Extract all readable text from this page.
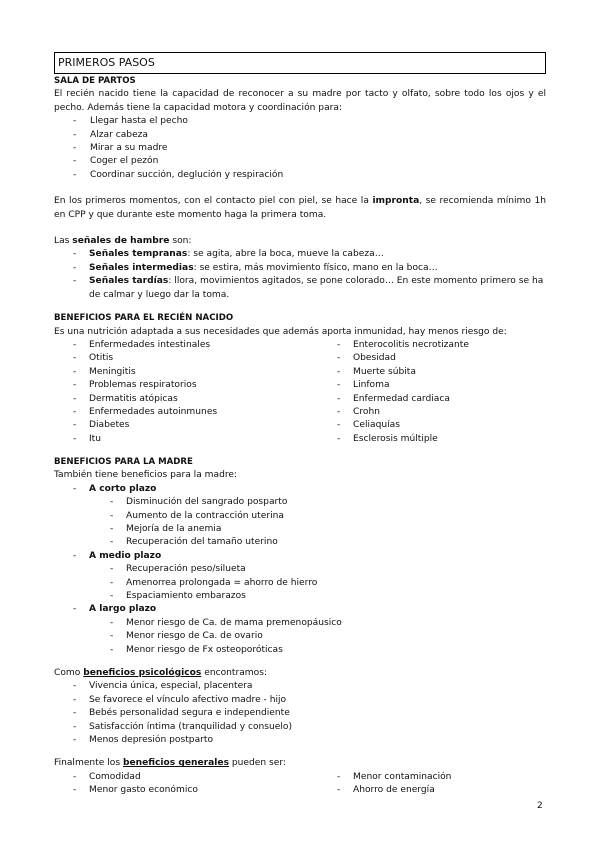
PRIMEROS PASOS
SALA DE PARTOS

El recién nacido tiene la capacidad de reconocer a su madre por tacto y olfato, sobre todo los ojos y el pecho. Además tiene la capacidad motora y coordinación para:

- Llegar hasta el pecho
- Alzar cabeza
- Mirar a su madre
- Coger el pezón
- Coordinar succión, deglución y respiración

En los primeros momentos, con el contacto piel con piel, se hace la impronta, se recomienda mínimo 1h en CPP y que durante este momento haga la primera toma.

Las señales de hambre son:

- Señales tempranas: se agita, abre la boca, mueve la cabeza…
- Señales intermedias: se estira, más movimiento físico, mano en la boca…
- Señales tardías: llora, movimientos agitados, se pone colorado… En este momento primero se ha de calmar y luego dar la toma.
BENEFICIOS PARA EL RECIÉN NACIDO

Es una nutrición adaptada a sus necesidades que además aporta inmunidad, hay menos riesgo de:

- Enfermedades intestinales
- Otitis
- Meningitis
- Problemas respiratorios
- Dermatitis atópicas
- Enfermedades autoinmunes
- Diabetes
- Itu
- Enterocolitis necrotizante
- Obesidad
- Muerte súbita
- Linfoma
- Enfermedad cardiaca
- Crohn
- Celiaquías
- Esclerosis múltiple
BENEFICIOS PARA LA MADRE

También tiene beneficios para la madre:

- A corto plazo
- Disminución del sangrado posparto
- Aumento de la contracción uterina
- Mejoría de la anemia
- Recuperación del tamaño uterino
- A medio plazo
- Recuperación peso/silueta
- Amenorrea prolongada = ahorro de hierro
- Espaciamiento embarazos
- A largo plazo
- Menor riesgo de Ca. de mama premenopáusico
- Menor riesgo de Ca. de ovario
- Menor riesgo de Fx osteoporóticas

Como beneficios psicológicos encontramos:

- Vivencia única, especial, placentera
- Se favorece el vínculo afectivo madre - hijo
- Bebés personalidad segura e independiente
- Satisfacción íntima (tranquilidad y consuelo)
- Menos depresión postparto

Finalmente los beneficios generales pueden ser:

- Comodidad
- Menor gasto económico
- Menor contaminación
- Ahorro de energía
2
